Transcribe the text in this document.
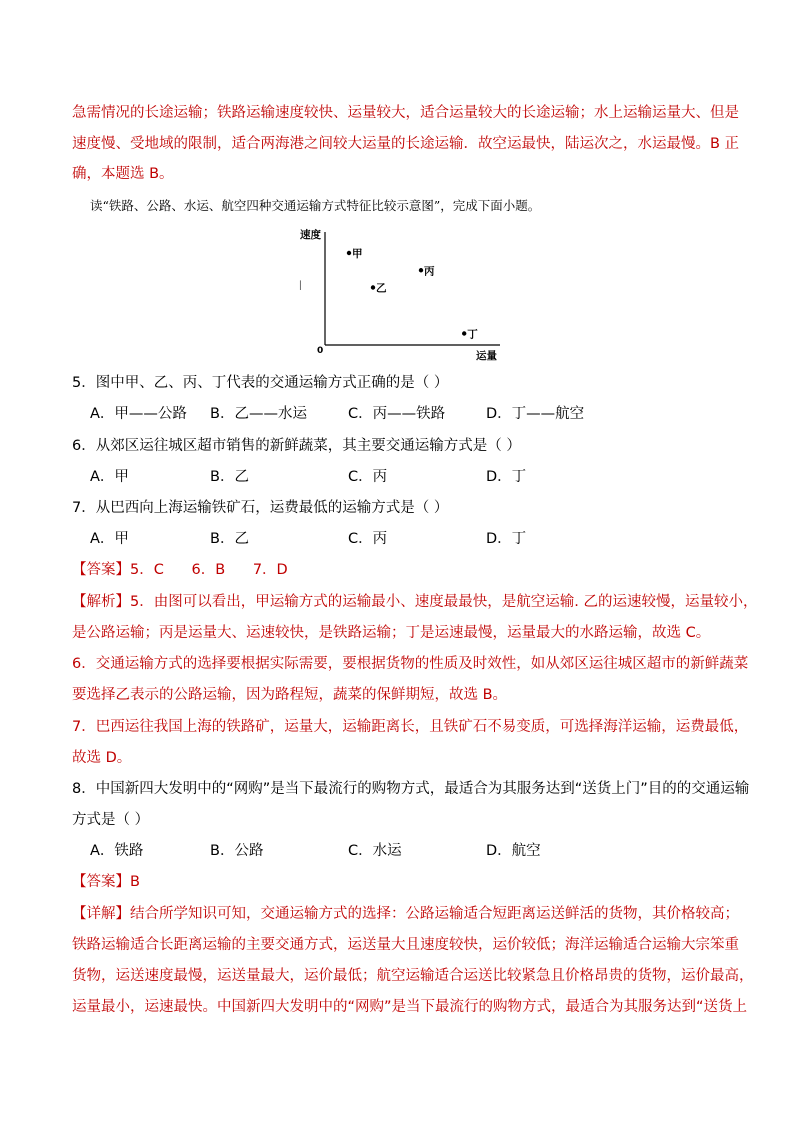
急需情况的长途运输；铁路运输速度较快、运量较大，适合运量较大的长途运输；水上运输运量大、但是
速度慢、受地域的限制，适合两海港之间较大运量的长途运输．故空运最快，陆运次之，水运最慢。B 正
确，本题选 B。
读“铁路、公路、水运、航空四种交通运输方式特征比较示意图”，完成下面小题。
速度
运量
0
꒐
甲
乙
丙
丁
5．图中甲、乙、丙、丁代表的交通运输方式正确的是（ ）
A．甲——公路 B．乙——水运	C．丙——铁路	D．丁——航空
6．从郊区运往城区超市销售的新鲜蔬菜，其主要交通运输方式是（ ）
A．甲	B．乙	C．丙	D．丁
7．从巴西向上海运输铁矿石，运费最低的运输方式是（ ）
A．甲	B．乙	C．丙	D．丁
【答案】5．C      6．B      7．D
【解析】5．由图可以看出，甲运输方式的运输最小、速度最最快，是航空运输. 乙的运速较慢，运量较小，
是公路运输；丙是运量大、运速较快，是铁路运输；丁是运速最慢，运量最大的水路运输，故选 C。
6．交通运输方式的选择要根据实际需要，要根据货物的性质及时效性，如从郊区运往城区超市的新鲜蔬菜
要选择乙表示的公路运输，因为路程短，蔬菜的保鲜期短，故选 B。
7．巴西运往我国上海的铁路矿，运量大，运输距离长，且铁矿石不易变质，可选择海洋运输，运费最低，
故选 D。
8．中国新四大发明中的“网购”是当下最流行的购物方式，最适合为其服务达到“送货上门”目的的交通运输
方式是（ ）
A．铁路	B．公路	C．水运	D．航空
【答案】B
【详解】结合所学知识可知，交通运输方式的选择：公路运输适合短距离运送鲜活的货物，其价格较高；
铁路运输适合长距离运输的主要交通方式，运送量大且速度较快，运价较低；海洋运输适合运输大宗笨重
货物，运送速度最慢，运送量最大，运价最低；航空运输适合运送比较紧急且价格昂贵的货物，运价最高，
运量最小，运速最快。中国新四大发明中的“网购”是当下最流行的购物方式，最适合为其服务达到“送货上
